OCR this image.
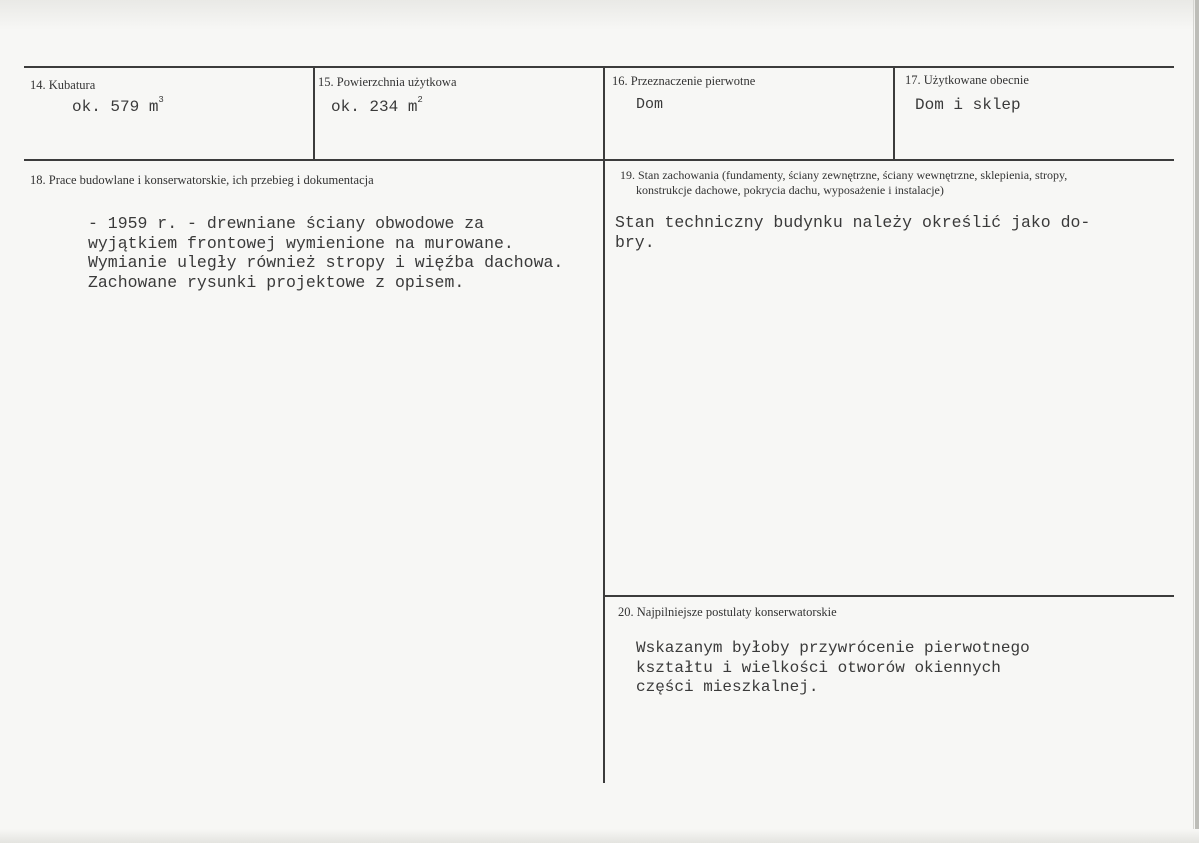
14. Kubatura
ok. 579 $m^3$
15. Powierzchnia użytkowa
ok. 234 $m^2$
16. Przeznaczenie pierwotne
Dom
17. Użytkowane obecnie
Dom i sklep
18. Prace budowlane i konserwatorskie, ich przebieg i dokumentacja
- 1959 r. - drewniane ściany obwodowe za
wyjątkiem frontowej wymienione na murowane.
Wymianie uległy również stropy i więźba dachowa.
Zachowane rysunki projektowe z opisem.
19. Stan zachowania (fundamenty, ściany zewnętrzne, ściany wewnętrzne, sklepienia, stropy,
konstrukcje dachowe, pokrycia dachu, wyposażenie i instalacje)
Stan techniczny budynku należy określić jako do-
bry.
20. Najpilniejsze postulaty konserwatorskie
Wskazanym byłoby przywrócenie pierwotnego
kształtu i wielkości otworów okiennych
części mieszkalnej.
